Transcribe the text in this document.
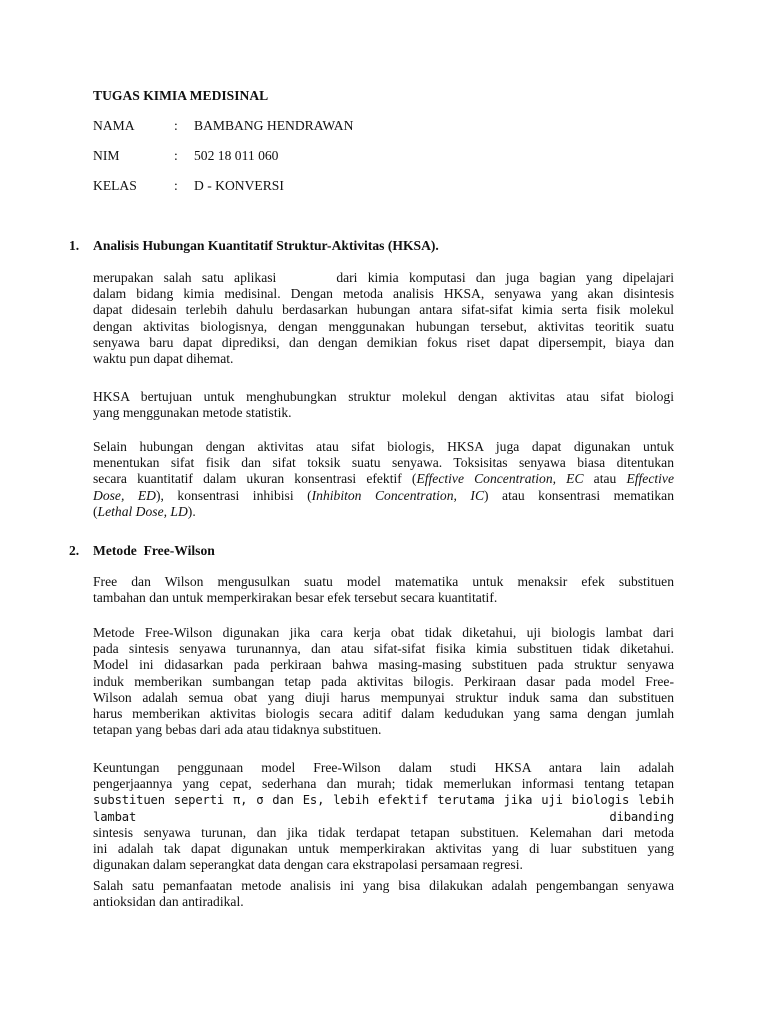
TUGAS KIMIA MEDISINAL
NAMA	: BAMBANG HENDRAWAN
NIM	: 502 18 011 060
KELAS	: D - KONVERSI
1. Analisis Hubungan Kuantitatif Struktur-Aktivitas (HKSA).
merupakan salah satu aplikasi	dari kimia komputasi dan juga bagian yang dipelajari
dalam bidang kimia medisinal. Dengan metoda analisis HKSA, senyawa yang akan disintesis
dapat didesain terlebih dahulu berdasarkan hubungan antara sifat-sifat kimia serta fisik molekul
dengan aktivitas biologisnya, dengan menggunakan hubungan tersebut, aktivitas teoritik suatu
senyawa baru dapat diprediksi, dan dengan demikian fokus riset dapat dipersempit, biaya dan
waktu pun dapat dihemat.
HKSA bertujuan untuk menghubungkan struktur molekul dengan aktivitas atau sifat biologi
yang menggunakan metode statistik.
Selain hubungan dengan aktivitas atau sifat biologis, HKSA juga dapat digunakan untuk
menentukan sifat fisik dan sifat toksik suatu senyawa. Toksisitas senyawa biasa ditentukan
secara kuantitatif dalam ukuran konsentrasi efektif (Effective Concentration, EC atau Effective
Dose, ED), konsentrasi inhibisi (Inhibiton Concentration, IC) atau konsentrasi mematikan
(Lethal Dose, LD).
2. Metode  Free-Wilson
Free dan Wilson mengusulkan suatu model matematika untuk menaksir efek substituen
tambahan dan untuk memperkirakan besar efek tersebut secara kuantitatif.
Metode Free-Wilson digunakan jika cara kerja obat tidak diketahui, uji biologis lambat dari
pada sintesis senyawa turunannya, dan atau sifat-sifat fisika kimia substituen tidak diketahui.
Model ini didasarkan pada perkiraan bahwa masing-masing substituen pada struktur senyawa
induk memberikan sumbangan tetap pada aktivitas bilogis. Perkiraan dasar pada model Free-
Wilson adalah semua obat yang diuji harus mempunyai struktur induk sama dan substituen
harus memberikan aktivitas biologis secara aditif dalam kedudukan yang sama dengan jumlah
tetapan yang bebas dari ada atau tidaknya substituen.
Keuntungan penggunaan model Free-Wilson dalam studi HKSA antara lain adalah
pengerjaannya yang cepat, sederhana dan murah; tidak memerlukan informasi tentang tetapan
substituen seperti π, σ dan Es, lebih efektif terutama jika uji biologis lebih lambat dibanding
sintesis senyawa turunan, dan jika tidak terdapat tetapan substituen. Kelemahan dari metoda
ini adalah tak dapat digunakan untuk memperkirakan aktivitas yang di luar substituen yang
digunakan dalam seperangkat data dengan cara ekstrapolasi persamaan regresi.
Salah satu pemanfaatan metode analisis ini yang bisa dilakukan adalah pengembangan senyawa
antioksidan dan antiradikal.
